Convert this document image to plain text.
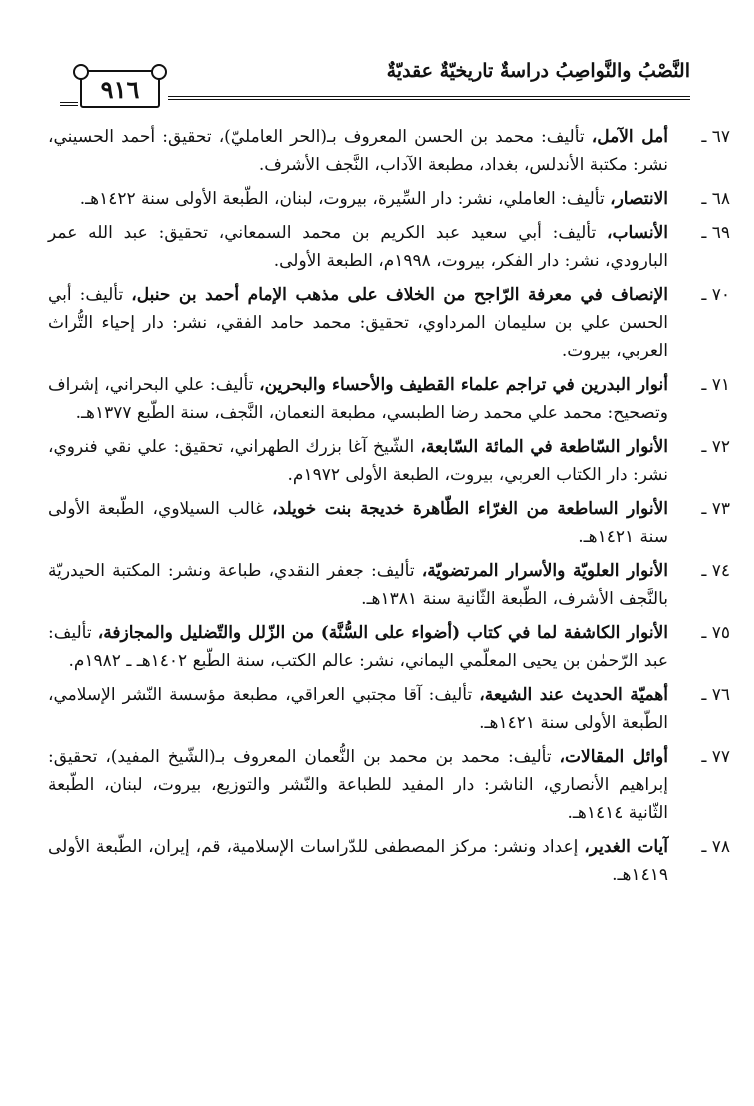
النَّصْبُ والنَّواصِبُ دراسةٌ تاريخيّةٌ عقديّةٌ
٩١٦
٦٧ ـ
أمل الآمل، تأليف: محمد بن الحسن المعروف بـ(الحر العامليّ)، تحقيق: أحمد الحسيني، نشر: مكتبة الأندلس، بغداد، مطبعة الآداب، النَّجف الأشرف.
٦٨ ـ
الانتصار، تأليف: العاملي، نشر: دار السِّيرة، بيروت، لبنان، الطّبعة الأولى سنة ١٤٢٢هـ.
٦٩ ـ
الأنساب، تأليف: أبي سعيد عبد الكريم بن محمد السمعاني، تحقيق: عبد الله عمر البارودي، نشر: دار الفكر، بيروت، ١٩٩٨م، الطبعة الأولى.
٧٠ ـ
الإنصاف في معرفة الرّاجح من الخلاف على مذهب الإمام أحمد بن حنبل، تأليف: أبي الحسن علي بن سليمان المرداوي، تحقيق: محمد حامد الفقي، نشر: دار إحياء التُّراث العربي، بيروت.
٧١ ـ
أنوار البدرين في تراجم علماء القطيف والأحساء والبحرين، تأليف: علي البحراني، إشراف وتصحيح: محمد علي محمد رضا الطبسي، مطبعة النعمان، النَّجف، سنة الطّبع ١٣٧٧هـ.
٧٢ ـ
الأنوار السّاطعة في المائة السّابعة، الشّيخ آغا بزرك الطهراني، تحقيق: علي نقي فنروي، نشر: دار الكتاب العربي، بيروت، الطبعة الأولى ١٩٧٢م.
٧٣ ـ
الأنوار الساطعة من الغرّاء الطّاهرة خديجة بنت خويلد، غالب السيلاوي، الطّبعة الأولى سنة ١٤٢١هـ.
٧٤ ـ
الأنوار العلويّة والأسرار المرتضويّة، تأليف: جعفر النقدي، طباعة ونشر: المكتبة الحيدريّة بالنَّجف الأشرف، الطّبعة الثّانية سنة ١٣٨١هـ.
٧٥ ـ
الأنوار الكاشفة لما في كتاب (أضواء على السُّنَّة) من الزّلل والتّضليل والمجازفة، تأليف: عبد الرّحمٰن بن يحيى المعلّمي اليماني، نشر: عالم الكتب، سنة الطّبع ١٤٠٢هـ ـ ١٩٨٢م.
٧٦ ـ
أهميّة الحديث عند الشيعة، تأليف: آقا مجتبي العراقي، مطبعة مؤسسة النّشر الإسلامي، الطّبعة الأولى سنة ١٤٢١هـ.
٧٧ ـ
أوائل المقالات، تأليف: محمد بن محمد بن النُّعمان المعروف بـ(الشّيخ المفيد)، تحقيق: إبراهيم الأنصاري، الناشر: دار المفيد للطباعة والنّشر والتوزيع، بيروت، لبنان، الطّبعة الثّانية ١٤١٤هـ.
٧٨ ـ
آيات الغدير، إعداد ونشر: مركز المصطفى للدّراسات الإسلامية، قم، إيران، الطّبعة الأولى ١٤١٩هـ.
